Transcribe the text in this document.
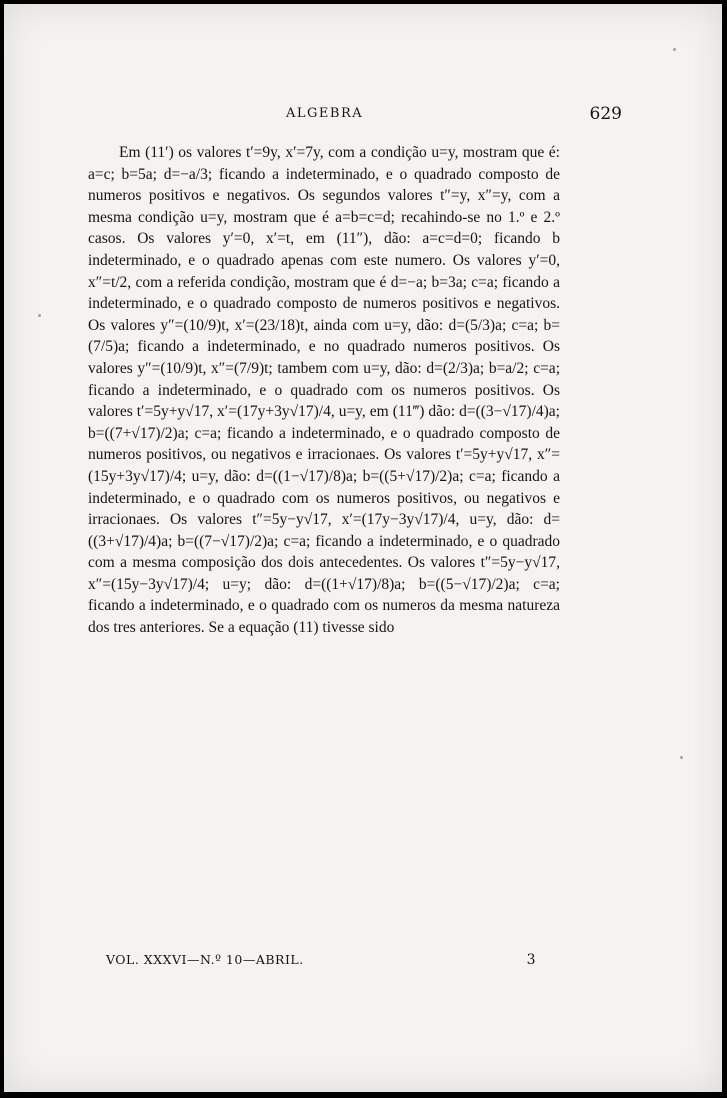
ALGEBRA	629

Em (11′) os valores t′=9y, x′=7y, com a condição u=y, mostram que é: a=c; b=5a; d=−a/3; ficando a indeterminado, e o quadrado composto de numeros positivos e negativos. Os segundos valores t″=y, x″=y, com a mesma condição u=y, mostram que é a=b=c=d; recahindo-se no 1.º e 2.º casos. Os valores y′=0, x′=t, em (11″), dão: a=c=d=0; ficando b indeterminado, e o quadrado apenas com este numero. Os valores y′=0, x″=t/2, com a referida condição, mostram que é d=−a; b=3a; c=a; ficando a indeterminado, e o quadrado composto de numeros positivos e negativos. Os valores y″=(10/9)t, x′=(23/18)t, ainda com u=y, dão: d=(5/3)a; c=a; b=(7/5)a; ficando a indeterminado, e no quadrado numeros positivos. Os valores y″=(10/9)t, x″=(7/9)t; tambem com u=y, dão: d=(2/3)a; b=a/2; c=a; ficando a indeterminado, e o quadrado com os numeros positivos. Os valores t′=5y+y√17, x′=(17y+3y√17)/4, u=y, em (11‴) dão: d=((3−√17)/4)a; b=((7+√17)/2)a; c=a; ficando a indeterminado, e o quadrado composto de numeros positivos, ou negativos e irracionaes. Os valores t′=5y+y√17, x″=(15y+3y√17)/4; u=y, dão: d=((1−√17)/8)a; b=((5+√17)/2)a; c=a; ficando a indeterminado, e o quadrado com os numeros positivos, ou negativos e irracionaes. Os valores t″=5y−y√17, x′=(17y−3y√17)/4, u=y, dão: d=((3+√17)/4)a; b=((7−√17)/2)a; c=a; ficando a indeterminado, e o quadrado com a mesma composição dos dois antecedentes. Os valores t″=5y−y√17, x″=(15y−3y√17)/4; u=y; dão: d=((1+√17)/8)a; b=((5−√17)/2)a; c=a; ficando a indeterminado, e o quadrado com os numeros da mesma natureza dos tres anteriores. Se a equação (11) tivesse sido

VOL. XXXVI—N.º 10—ABRIL.	3
